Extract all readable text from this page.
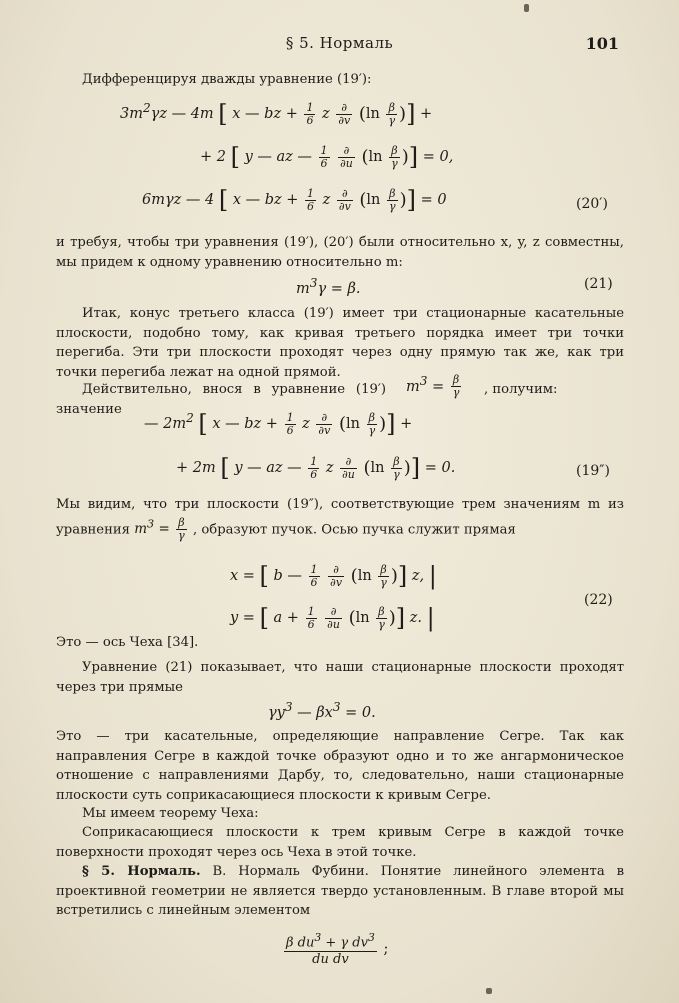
§ 5. Нормаль	101
Дифференцируя дважды уравнение (19′):
$3m^2\gamma z$ — 4m [ x — bz + $\frac{1}{6}$ z $\frac{\partial}{\partial v} (\ln \frac{\beta}{\gamma}$ )] +
+ 2 [ y — az — $\frac{1}{6}$
$\frac{\partial}{\partial u} (\ln \frac{\beta}{\gamma}$ )] = 0,
6mγz — 4 [ x — bz + $\frac{1}{6}$ z $\frac{\partial}{\partial v} (\ln \frac{\beta}{\gamma}$ )] = 0	(20′)
и требуя, чтобы три уравнения (19′), (20′) были относительно x, y, z совместны, мы придем к одному уравнению относительно m:
$m^3\gamma = \beta$.	(21)
Итак, конус третьего класса (19′) имеет три стационарные касательные плоскости, подобно тому, как кривая третьего порядка имеет три точки перегиба. Эти три плоскости проходят через одну прямую так же, как три точки перегиба лежат на одной прямой.
Действительно, внося в уравнение (19′) значение
$m^3 = \frac{\beta}{\gamma}$ , получим:
— $2m^2$ [ x — bz + $\frac{1}{6}$ z $\frac{\partial}{\partial v} (\ln \frac{\beta}{\gamma}$ )] +
+ 2m [ y — az — $\frac{1}{6}$ z $\frac{\partial}{\partial u} (\ln \frac{\beta}{\gamma}$ )] = 0.	(19″)
Мы видим, что три плоскости (19″), соответствующие трем значениям m из уравнения $m^3 = \frac{\beta}{\gamma}$ , образуют пучок. Осью пучка служит прямая
x = [ b — $\frac{1}{6}$
$\frac{\partial}{\partial v} (\ln \frac{\beta}{\gamma}$ )] z, |
y = [ $a + \frac{1}{6}$
$\frac{\partial}{\partial u} (\ln \frac{\beta}{\gamma}$ )] z. |
(22)
Это — ось Чеха [34].
Уравнение (21) показывает, что наши стационарные плоскости проходят через три прямые
$\gamma y^3$ — $\beta x^3 = 0$.
Это — три касательные, определяющие направление Сегре. Так как направления Сегре в каждой точке образуют одно и то же ангармоническое отношение с направлениями Дарбу, то, следовательно, наши стационарные плоскости суть соприкасающиеся плоскости к кривым Сегре.
Мы имеем теорему Чеха:
Соприкасающиеся плоскости к трем кривым Сегре в каждой точке поверхности проходят через ось Чеха в этой точке.
§ 5. Нормаль. B. Нормаль Фубини. Понятие линейного элемента в проективной геометрии не является твердо установленным. В главе второй мы встретились с линейным элементом
$\frac{\beta du^3 + \gamma dv^3}{\text{du dv}}$ ;
